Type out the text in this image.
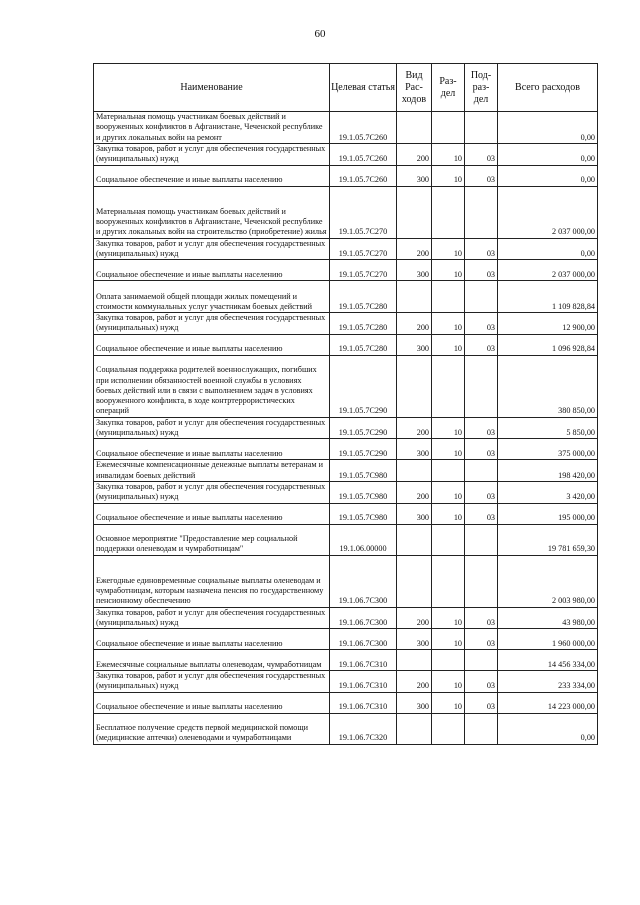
60
Наименование	Целевая статья	Вид Рас- ходов	Раз- дел	Под- раз- дел	Всего расходов
Материальная помощь участникам боевых действий и вооруженных конфликтов в Афганистане, Чеченской республике и других локальных войн на ремонт	19.1.05.7С260				0,00
Закупка товаров, работ и услуг для обеспечения государственных (муниципальных) нужд	19.1.05.7С260	200	10	03	0,00
Социальное обеспечение и иные выплаты населению	19.1.05.7С260	300	10	03	0,00
Материальная помощь участникам боевых действий и вооруженных конфликтов в Афганистане, Чеченской республике и других локальных войн на строительство (приобретение) жилья	19.1.05.7С270				2 037 000,00
Закупка товаров, работ и услуг для обеспечения государственных (муниципальных) нужд	19.1.05.7С270	200	10	03	0,00
Социальное обеспечение и иные выплаты населению	19.1.05.7С270	300	10	03	2 037 000,00
Оплата занимаемой общей площади жилых помещений и стоимости коммунальных услуг участникам боевых действий	19.1.05.7С280				1 109 828,84
Закупка товаров, работ и услуг для обеспечения государственных (муниципальных) нужд	19.1.05.7С280	200	10	03	12 900,00
Социальное обеспечение и иные выплаты населению	19.1.05.7С280	300	10	03	1 096 928,84
Социальная поддержка родителей военнослужащих, погибших при исполнении обязанностей военной службы в условиях боевых действий или в связи с выполнением задач в условиях вооруженного конфликта, в ходе контртеррористических операций	19.1.05.7С290				380 850,00
Закупка товаров, работ и услуг для обеспечения государственных (муниципальных) нужд	19.1.05.7С290	200	10	03	5 850,00
Социальное обеспечение и иные выплаты населению	19.1.05.7С290	300	10	03	375 000,00
Ежемесячные компенсационные денежные выплаты ветеранам и инвалидам боевых действий	19.1.05.7С980				198 420,00
Закупка товаров, работ и услуг для обеспечения государственных (муниципальных) нужд	19.1.05.7С980	200	10	03	3 420,00
Социальное обеспечение и иные выплаты населению	19.1.05.7С980	300	10	03	195 000,00
Основное мероприятие "Предоставление мер социальной поддержки оленеводам и чумработницам"	19.1.06.00000				19 781 659,30
Ежегодные единовременные социальные выплаты оленеводам и чумработницам, которым назначена пенсия по государственному пенсионному обеспечению	19.1.06.7С300				2 003 980,00
Закупка товаров, работ и услуг для обеспечения государственных (муниципальных) нужд	19.1.06.7С300	200	10	03	43 980,00
Социальное обеспечение и иные выплаты населению	19.1.06.7С300	300	10	03	1 960 000,00
Ежемесячные социальные выплаты оленеводам, чумработницам	19.1.06.7С310				14 456 334,00
Закупка товаров, работ и услуг для обеспечения государственных (муниципальных) нужд	19.1.06.7С310	200	10	03	233 334,00
Социальное обеспечение и иные выплаты населению	19.1.06.7С310	300	10	03	14 223 000,00
Бесплатное получение средств первой медицинской помощи (медицинские аптечки) оленеводами и чумработницами	19.1.06.7С320				0,00
